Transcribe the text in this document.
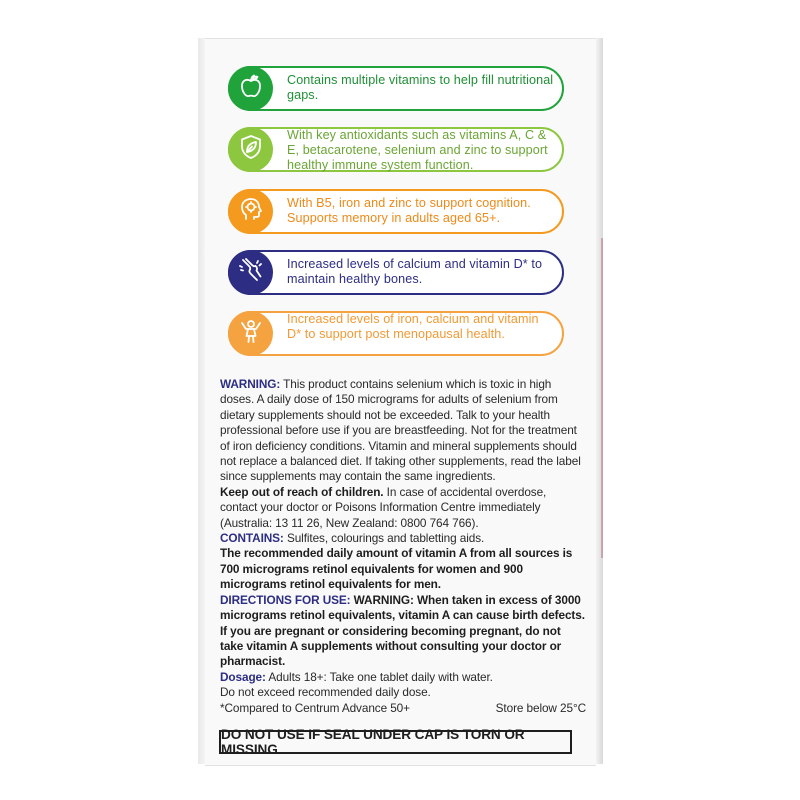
Contains multiple vitamins to help fill nutritional gaps.
With key antioxidants such as vitamins A, C & E, betacarotene, selenium and zinc to support healthy immune system function.
With B5, iron and zinc to support cognition. Supports memory in adults aged 65+.
Increased levels of calcium and vitamin D* to maintain healthy bones.
Increased levels of iron, calcium and vitamin D* to support post menopausal health.

WARNING: This product contains selenium which is toxic in high doses. A daily dose of 150 micrograms for adults of selenium from dietary supplements should not be exceeded. Talk to your health professional before use if you are breastfeeding. Not for the treatment of iron deficiency conditions. Vitamin and mineral supplements should not replace a balanced diet. If taking other supplements, read the label since supplements may contain the same ingredients.

Keep out of reach of children. In case of accidental overdose, contact your doctor or Poisons Information Centre immediately (Australia: 13 11 26, New Zealand: 0800 764 766).

CONTAINS: Sulfites, colourings and tabletting aids.

The recommended daily amount of vitamin A from all sources is 700 micrograms retinol equivalents for women and 900 micrograms retinol equivalents for men.

DIRECTIONS FOR USE: WARNING: When taken in excess of 3000 micrograms retinol equivalents, vitamin A can cause birth defects. If you are pregnant or considering becoming pregnant, do not take vitamin A supplements without consulting your doctor or pharmacist.

Dosage: Adults 18+: Take one tablet daily with water.

Do not exceed recommended daily dose.

*Compared to Centrum Advance 50+	Store below 25°C

DO NOT USE IF SEAL UNDER CAP IS TORN OR MISSING
